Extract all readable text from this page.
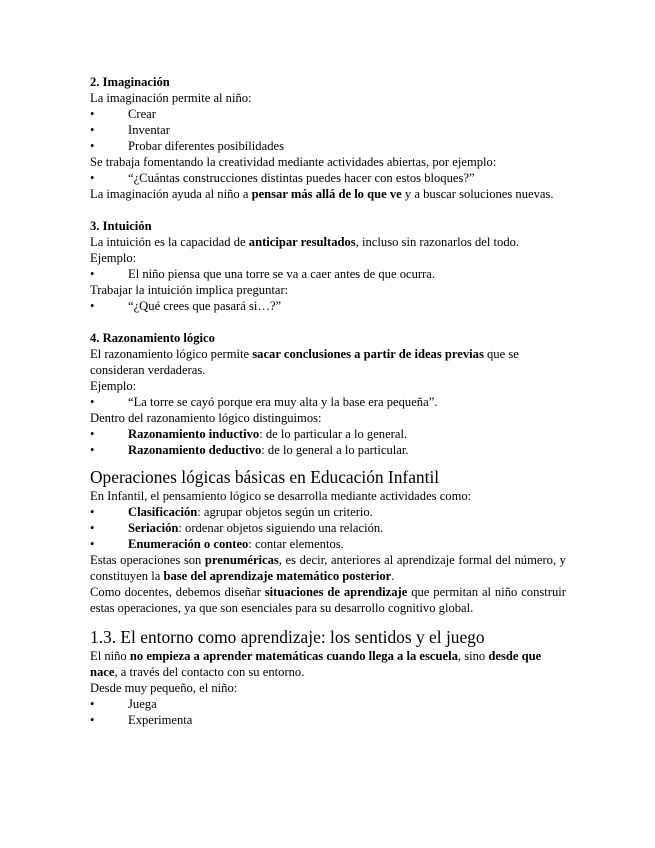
2. Imaginación
La imaginación permite al niño:
•	Crear
•	Inventar
•	Probar diferentes posibilidades
Se trabaja fomentando la creatividad mediante actividades abiertas, por ejemplo:
•	“¿Cuántas construcciones distintas puedes hacer con estos bloques?”
La imaginación ayuda al niño a pensar más allá de lo que ve y a buscar soluciones nuevas.
3. Intuición
La intuición es la capacidad de anticipar resultados, incluso sin razonarlos del todo.
Ejemplo:
•	El niño piensa que una torre se va a caer antes de que ocurra.
Trabajar la intuición implica preguntar:
•	“¿Qué crees que pasará si…?”
4. Razonamiento lógico
El razonamiento lógico permite sacar conclusiones a partir de ideas previas que se consideran verdaderas.
Ejemplo:
•	“La torre se cayó porque era muy alta y la base era pequeña”.
Dentro del razonamiento lógico distinguimos:
•	Razonamiento inductivo: de lo particular a lo general.
•	Razonamiento deductivo: de lo general a lo particular.
Operaciones lógicas básicas en Educación Infantil
En Infantil, el pensamiento lógico se desarrolla mediante actividades como:
•	Clasificación: agrupar objetos según un criterio.
•	Seriación: ordenar objetos siguiendo una relación.
•	Enumeración o conteo: contar elementos.
Estas operaciones son prenuméricas, es decir, anteriores al aprendizaje formal del número, y constituyen la base del aprendizaje matemático posterior.
Como docentes, debemos diseñar situaciones de aprendizaje que permitan al niño construir estas operaciones, ya que son esenciales para su desarrollo cognitivo global.
1.3. El entorno como aprendizaje: los sentidos y el juego
El niño no empieza a aprender matemáticas cuando llega a la escuela, sino desde que nace, a través del contacto con su entorno.
Desde muy pequeño, el niño:
•	Juega
•	Experimenta
